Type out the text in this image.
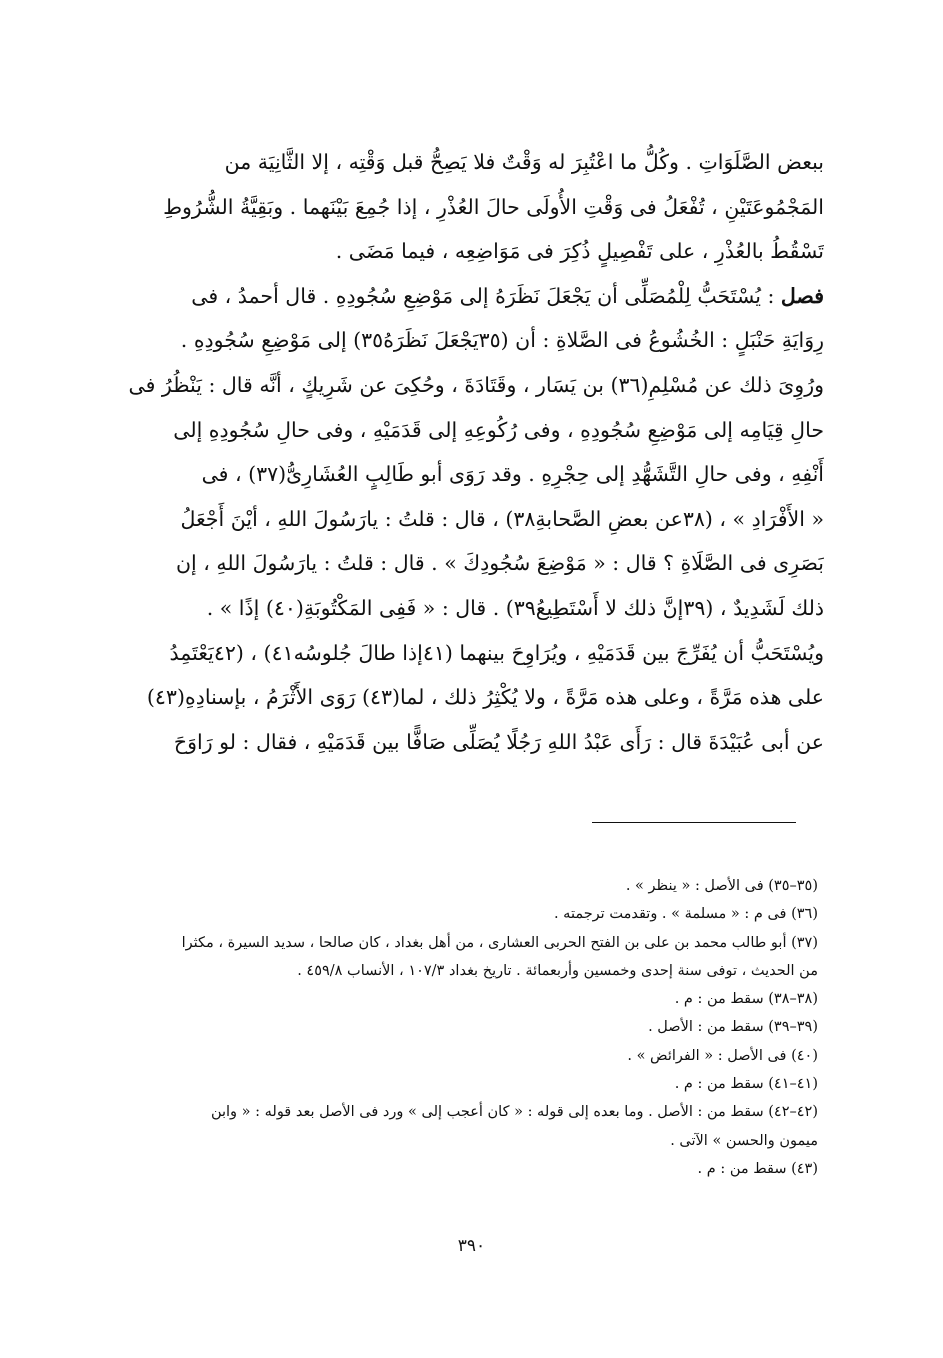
ببعض الصَّلَوَاتِ . وكُلُّ ما اعْتُبِرَ له وَقْتٌ فلا يَصِحُّ قبل وَقْتِه ، إلا الثَّانِيَة من
المَجْمُوعَتَيْنِ ، تُفْعَلُ فى وَقْتِ الأُولَى حالَ العُذْرِ ، إذا جُمِعَ بَيْنَهما . وبَقِيَّةُ الشُّرُوطِ
تَسْقُطُ بالعُذْرِ ، على تَفْصِيلٍ ذُكِرَ فى مَوَاضِعِه ، فيما مَضَى .
فصل : يُسْتَحَبُّ لِلْمُصَلِّى أن يَجْعَلَ نَظَرَهُ إلى مَوْضِعِ سُجُودِهِ . قال أحمدُ ، فى
رِوَايَةِ حَنْبَلٍ : الخُشُوعُ فى الصَّلاةِ : أن (٣٥يَجْعَلَ نَظَرَهُ٣٥) إلى مَوْضِعِ سُجُودِهِ .
ورُوِىَ ذلك عن مُسْلِمِ(٣٦) بن يَسَار ، وقَتَادَةَ ، وحُكِىَ عن شَرِيكٍ ، أنَّه قال : يَنْظُرُ فى
حالِ قِيَامِه إلى مَوْضِعِ سُجُودِهِ ، وفى رُكُوعِهِ إلى قَدَمَيْهِ ، وفى حالِ سُجُودِهِ إلى
أَنْفِهِ ، وفى حالِ التَّشَهُّدِ إلى حِجْرِهِ . وقد رَوَى أبو طَالِبٍ العُشَارِىُّ(٣٧) ، فى
« الأَفْرَادِ » ، (٣٨عن بعضِ الصَّحابةِ٣٨) ، قال : قلتُ : يارَسُولَ اللهِ ، أيْنَ أَجْعَلُ
بَصَرِى فى الصَّلَاةِ ؟ قال : « مَوْضِعَ سُجُودِكَ » . قال : قلتُ : يارَسُولَ اللهِ ، إن
ذلك لَشَدِيدٌ ، (٣٩إنَّ ذلك لا أَسْتَطِيعُ٣٩) . قال : « فَفِى المَكْتُوبَةِ(٤٠) إذًا » .
ويُسْتَحَبُّ أن يُفَرِّجَ بين قَدَمَيْهِ ، ويُرَاوِحَ بينهما (٤١إذا طالَ جُلوسُه٤١) ، (٤٢يَعْتَمِدُ
على هذه مَرَّةً ، وعلى هذه مَرَّةً ، ولا يُكْثِرُ ذلك ، لما(٤٣) رَوَى الأَثْرَمُ ، بإسنادِهِ(٤٣)
عن أبى عُبَيْدَةَ قال : رَأَى عَبْدُ اللهِ رَجُلًا يُصَلِّى صَافًّا بين قَدَمَيْهِ ، فقال : لو رَاوَحَ
(٣٥–٣٥) فى الأصل : « ينظر » .
(٣٦) فى م : « مسلمة » . وتقدمت ترجمته .
(٣٧) أبو طالب محمد بن على بن الفتح الحربى العشارى ، من أهل بغداد ، كان صالحا ، سديد السيرة ، مكثرا
من الحديث ، توفى سنة إحدى وخمسين وأربعمائة . تاريخ بغداد ١٠٧/٣ ، الأنساب ٤٥٩/٨ .
(٣٨–٣٨) سقط من : م .
(٣٩–٣٩) سقط من : الأصل .
(٤٠) فى الأصل : « الفرائض » .
(٤١–٤١) سقط من : م .
(٤٢–٤٢) سقط من : الأصل . وما بعده إلى قوله : « كان أعجب إلى » ورد فى الأصل بعد قوله : « وابن
ميمون والحسن » الآتى .
(٤٣) سقط من : م .
٣٩٠
